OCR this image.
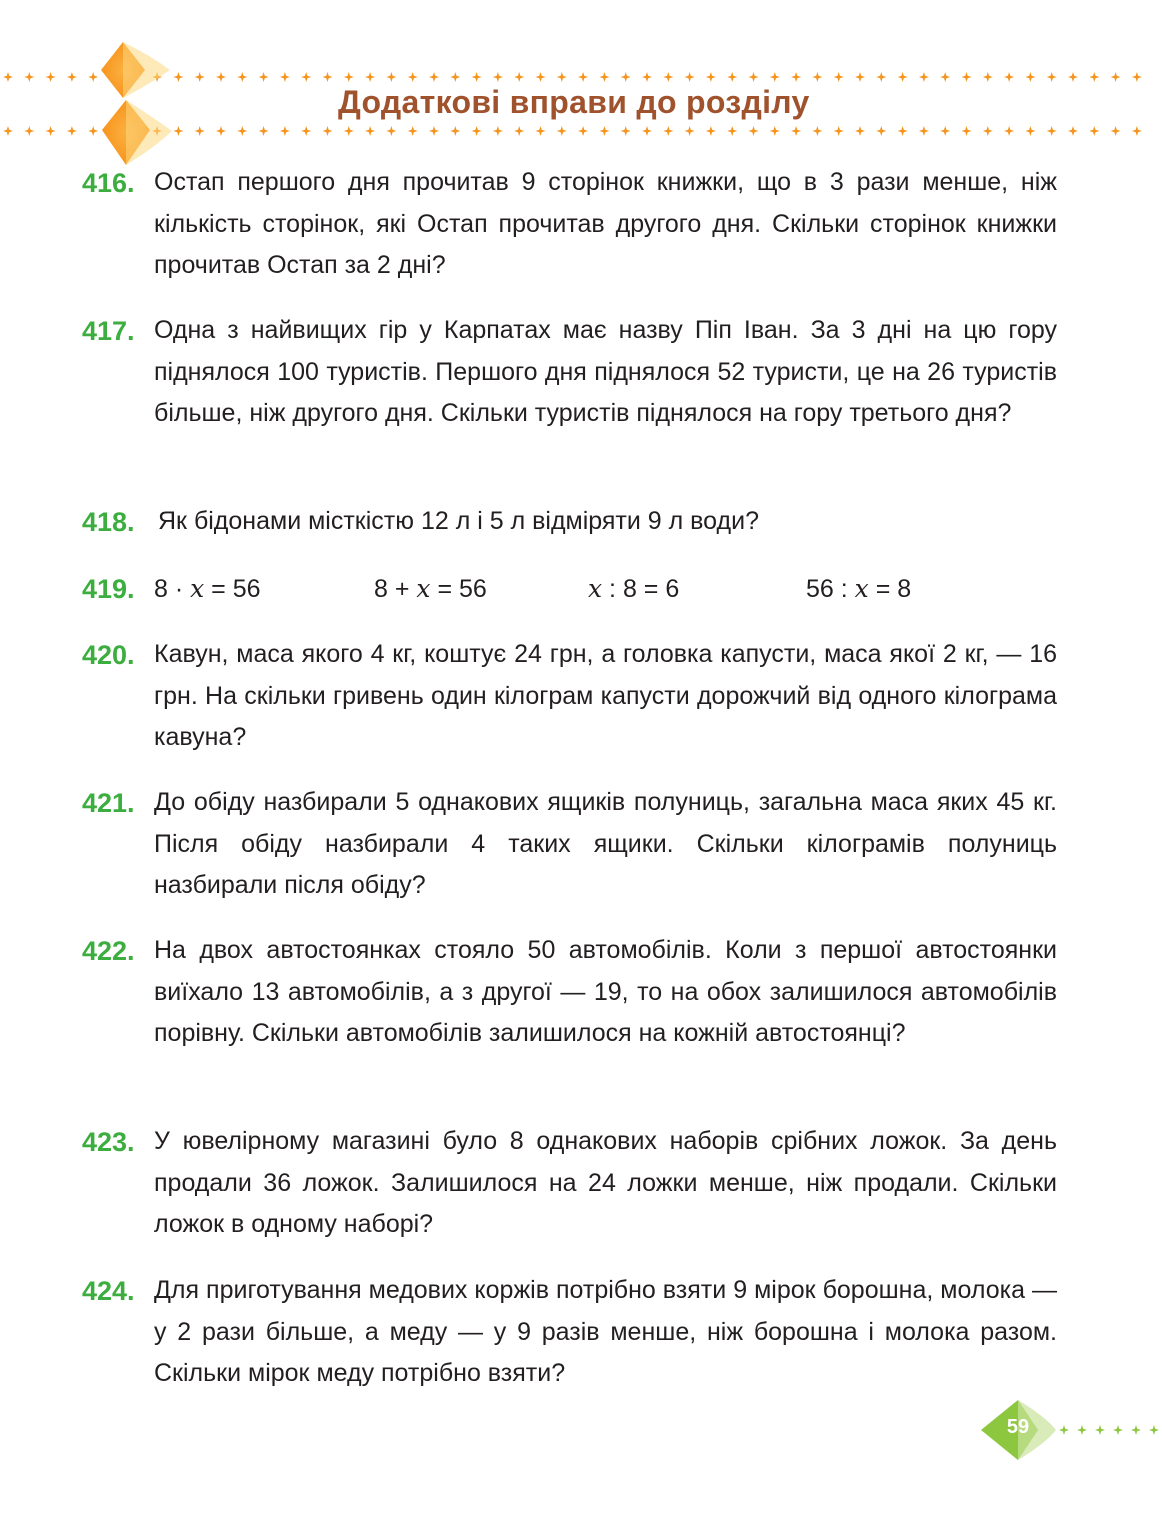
Додаткові вправи до розділу
416. Остап першого дня прочитав 9 сторінок книжки, що в 3 рази менше, ніж кількість сторінок, які Остап прочитав другого дня. Скільки сторінок книжки прочитав Остап за 2 дні?
417. Одна з найвищих гір у Карпатах має назву Піп Іван. За 3 дні на цю гору піднялося 100 туристів. Першого дня піднялося 52 туристи, це на 26 туристів більше, ніж другого дня. Скільки туристів піднялося на гору третього дня?
418. Як бідонами місткістю 12 л і 5 л відміряти 9 л води?
419. 8 · x = 56	8 + x = 56	x : 8 = 6	56 : x = 8
420. Кавун, маса якого 4 кг, коштує 24 грн, а головка капусти, маса якої 2 кг, — 16 грн. На скільки гривень один кілограм капусти дорожчий від одного кілограма кавуна?
421. До обіду назбирали 5 однакових ящиків полуниць, загальна маса яких 45 кг. Після обіду назбирали 4 таких ящики. Скільки кілограмів полуниць назбирали після обіду?
422. На двох автостоянках стояло 50 автомобілів. Коли з першої автостоянки виїхало 13 автомобілів, а з другої — 19, то на обох залишилося автомобілів порівну. Скільки автомобілів залишилося на кожній автостоянці?
423. У ювелірному магазині було 8 однакових наборів срібних ложок. За день продали 36 ложок. Залишилося на 24 ложки менше, ніж продали. Скільки ложок в одному наборі?
424. Для приготування медових коржів потрібно взяти 9 мірок борошна, молока — у 2 рази більше, а меду — у 9 разів менше, ніж борошна і молока разом. Скільки мірок меду потрібно взяти?
59
